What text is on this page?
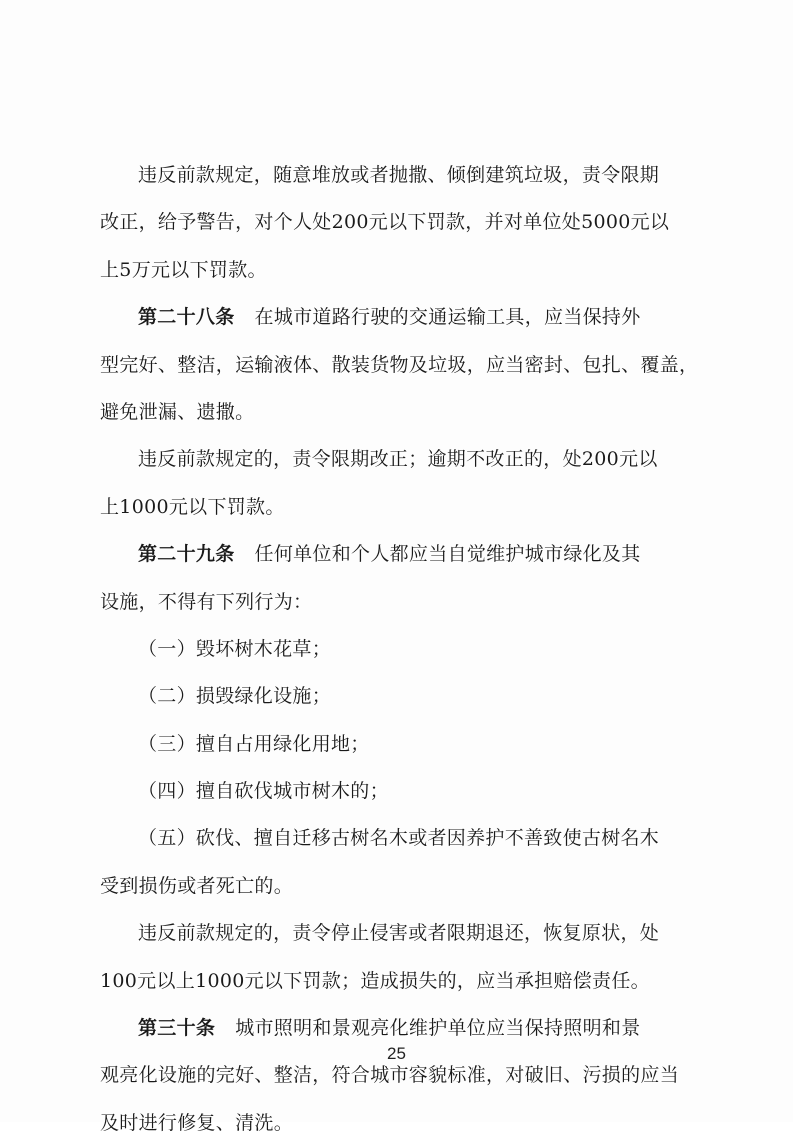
违反前款规定，随意堆放或者抛撒、倾倒建筑垃圾，责令限期
改正，给予警告，对个人处200元以下罚款，并对单位处5000元以
上5万元以下罚款。
第二十八条 在城市道路行驶的交通运输工具，应当保持外
型完好、整洁，运输液体、散装货物及垃圾，应当密封、包扎、覆盖，
避免泄漏、遗撒。
违反前款规定的，责令限期改正；逾期不改正的，处200元以
上1000元以下罚款。
第二十九条 任何单位和个人都应当自觉维护城市绿化及其
设施，不得有下列行为：
（一）毁坏树木花草；
（二）损毁绿化设施；
（三）擅自占用绿化用地；
（四）擅自砍伐城市树木的；
（五）砍伐、擅自迁移古树名木或者因养护不善致使古树名木
受到损伤或者死亡的。
违反前款规定的，责令停止侵害或者限期退还，恢复原状，处
100元以上1000元以下罚款；造成损失的，应当承担赔偿责任。
第三十条 城市照明和景观亮化维护单位应当保持照明和景
观亮化设施的完好、整洁，符合城市容貌标准，对破旧、污损的应当
及时进行修复、清洗。
25
